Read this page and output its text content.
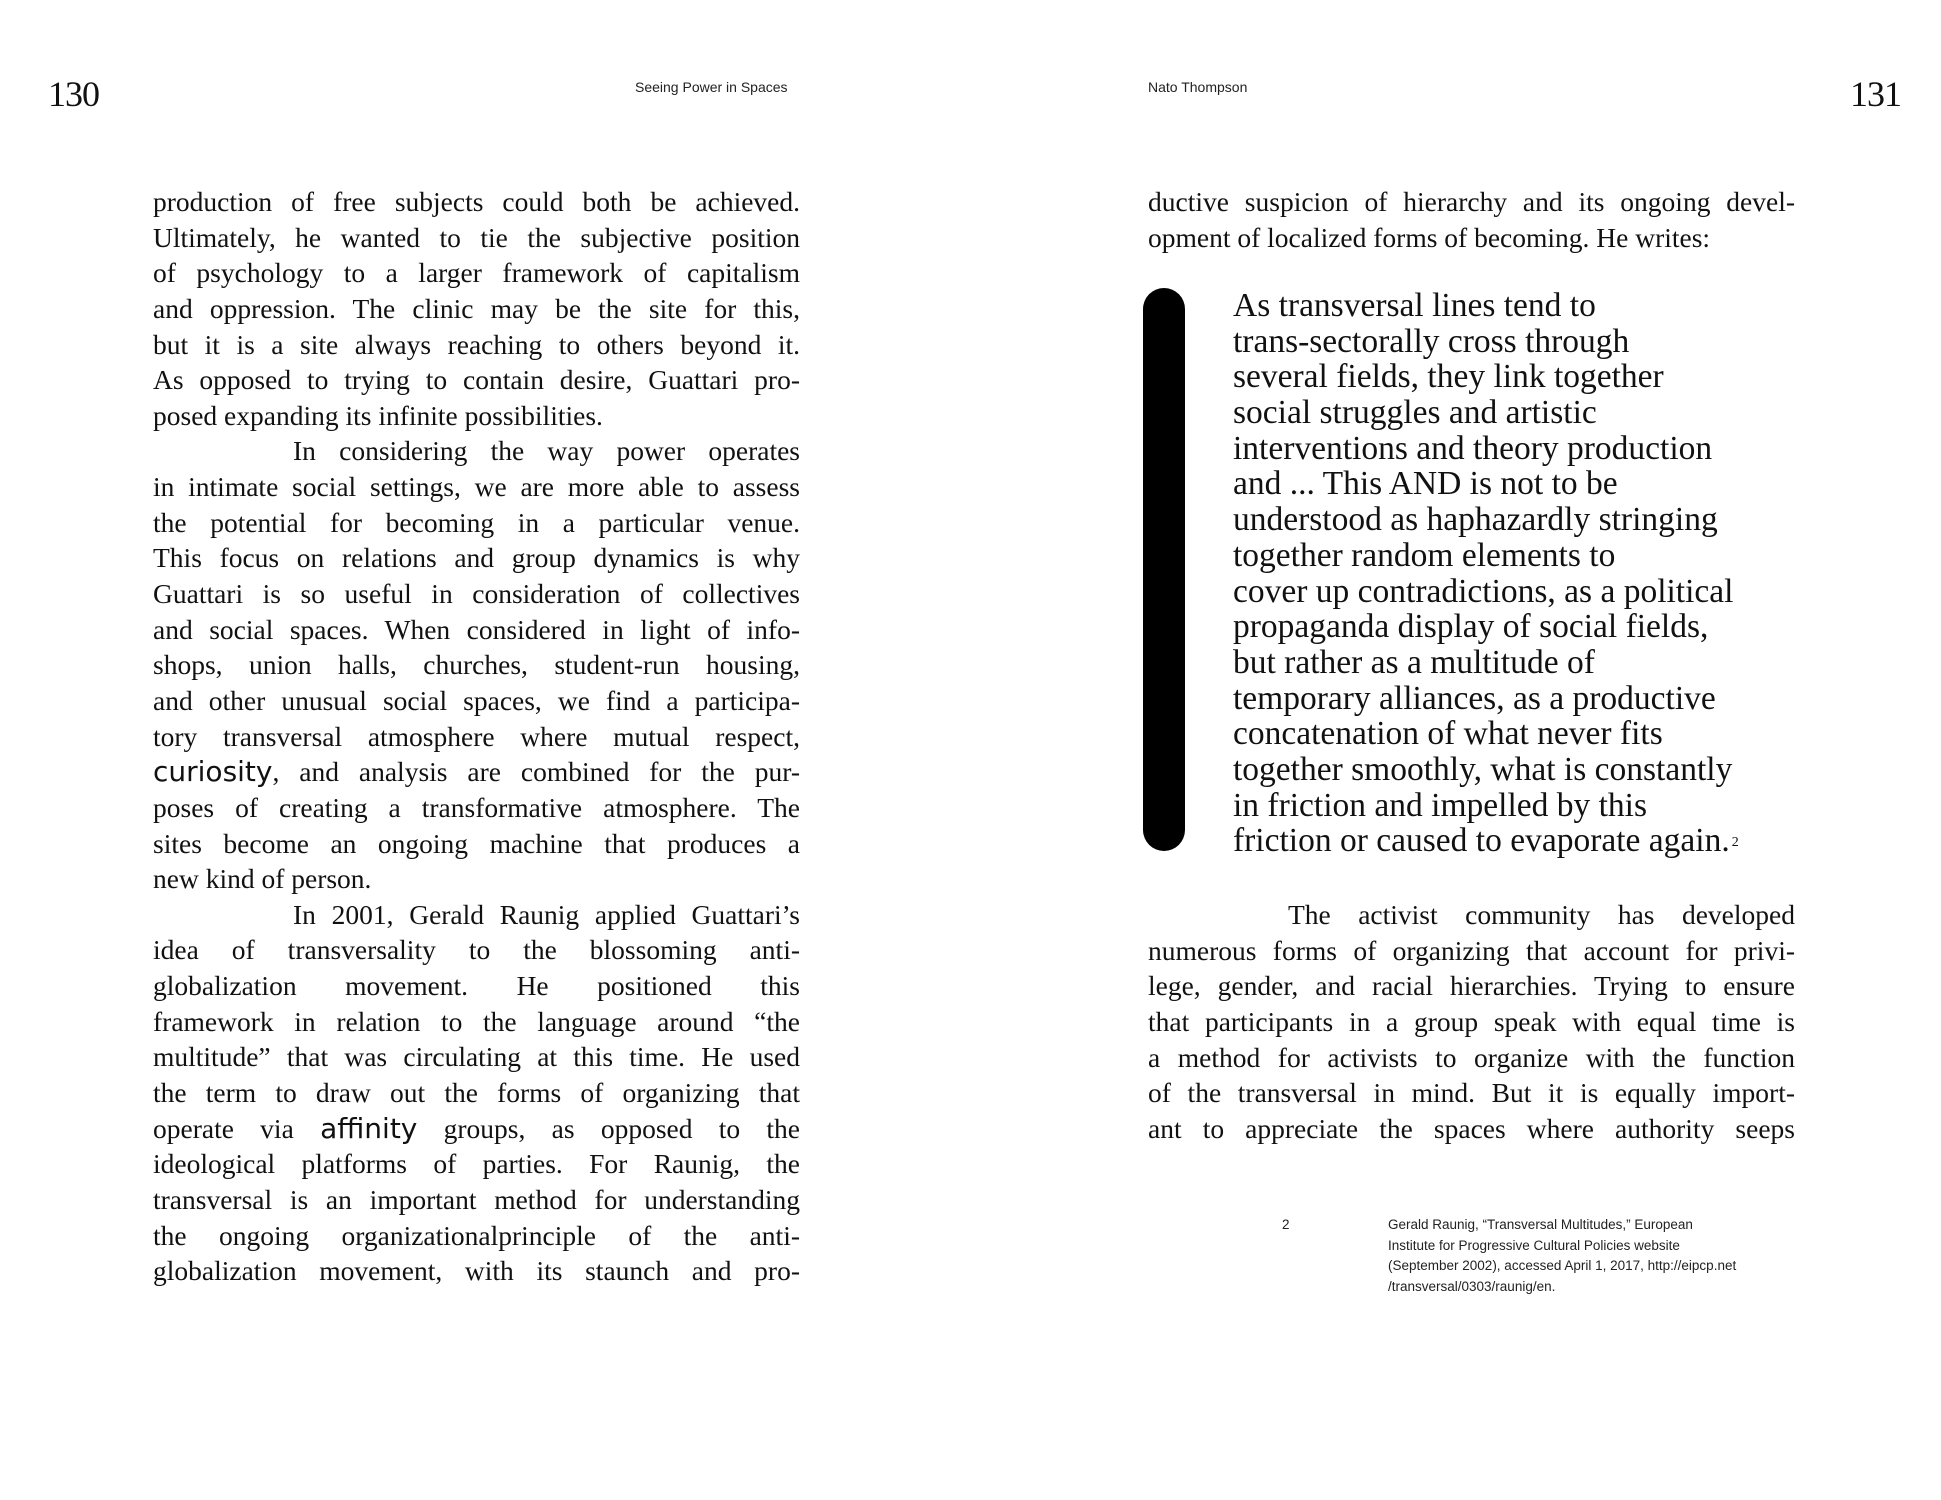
130	Seeing Power in Spaces
production of free subjects could both be achieved.
Ultimately, he wanted to tie the subjective position
of psychology to a larger framework of capitalism
and oppression. The clinic may be the site for this,
but it is a site always reaching to others beyond it.
As opposed to trying to contain desire, Guattari pro-
posed expanding its infinite possibilities.
In considering the way power operates
in intimate social settings, we are more able to assess
the potential for becoming in a particular venue.
This focus on relations and group dynamics is why
Guattari is so useful in consideration of collectives
and social spaces. When considered in light of info-
shops, union halls, churches, student-run housing,
and other unusual social spaces, we find a participa-
tory transversal atmosphere where mutual respect,
curiosity, and analysis are combined for the pur-
poses of creating a transformative atmosphere. The
sites become an ongoing machine that produces a
new kind of person.
In 2001, Gerald Raunig applied Guattari’s
idea of transversality to the blossoming anti-
globalization movement. He positioned this
framework in relation to the language around “the
multitude” that was circulating at this time. He used
the term to draw out the forms of organizing that
operate via affinity groups, as opposed to the
ideological platforms of parties. For Raunig, the
transversal is an important method for understanding
the ongoing organizationalprinciple of the anti-
globalization movement, with its staunch and pro-
Nato Thompson	131
ductive suspicion of hierarchy and its ongoing devel-
opment of localized forms of becoming. He writes:
As transversal lines tend to
trans-sectorally cross through
several fields, they link together
social struggles and artistic
interventions and theory production
and ... This AND is not to be
understood as haphazardly stringing
together random elements to
cover up contradictions, as a political
propaganda display of social fields,
but rather as a multitude of
temporary alliances, as a productive
concatenation of what never fits
together smoothly, what is constantly
in friction and impelled by this
friction or caused to evaporate again. $^2$
The activist community has developed
numerous forms of organizing that account for privi-
lege, gender, and racial hierarchies. Trying to ensure
that participants in a group speak with equal time is
a method for activists to organize with the function
of the transversal in mind. But it is equally import-
ant to appreciate the spaces where authority seeps
2	Gerald Raunig, “Transversal Multitudes,” European
Institute for Progressive Cultural Policies website
(September 2002), accessed April 1, 2017, http://eipcp.net
/transversal/0303/raunig/en.
